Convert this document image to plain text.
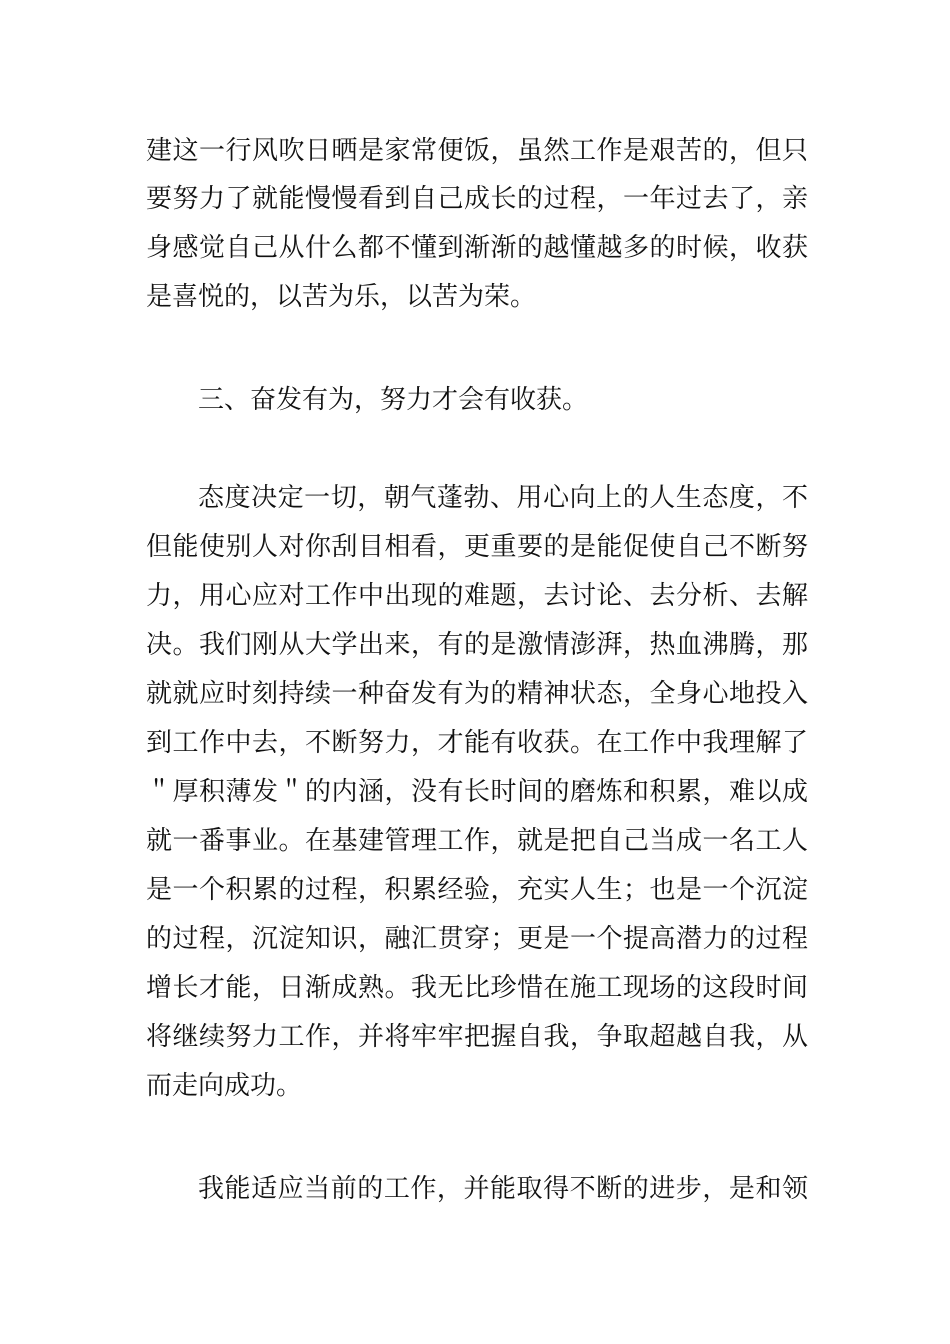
建这一行风吹日晒是家常便饭，虽然工作是艰苦的，但只
要努力了就能慢慢看到自己成长的过程，一年过去了，亲
身感觉自己从什么都不懂到渐渐的越懂越多的时候，收获
是喜悦的，以苦为乐，以苦为荣。
三、奋发有为，努力才会有收获。
态度决定一切，朝气蓬勃、用心向上的人生态度，不
但能使别人对你刮目相看，更重要的是能促使自己不断努
力，用心应对工作中出现的难题，去讨论、去分析、去解
决。我们刚从大学出来，有的是激情澎湃，热血沸腾，那
就就应时刻持续一种奋发有为的精神状态，全身心地投入
到工作中去，不断努力，才能有收获。在工作中我理解了
＂厚积薄发＂的内涵，没有长时间的磨炼和积累，难以成
就一番事业。在基建管理工作，就是把自己当成一名工人
是一个积累的过程，积累经验，充实人生；也是一个沉淀
的过程，沉淀知识，融汇贯穿；更是一个提高潜力的过程
增长才能，日渐成熟。我无比珍惜在施工现场的这段时间
将继续努力工作，并将牢牢把握自我，争取超越自我，从
而走向成功。
我能适应当前的工作，并能取得不断的进步，是和领
